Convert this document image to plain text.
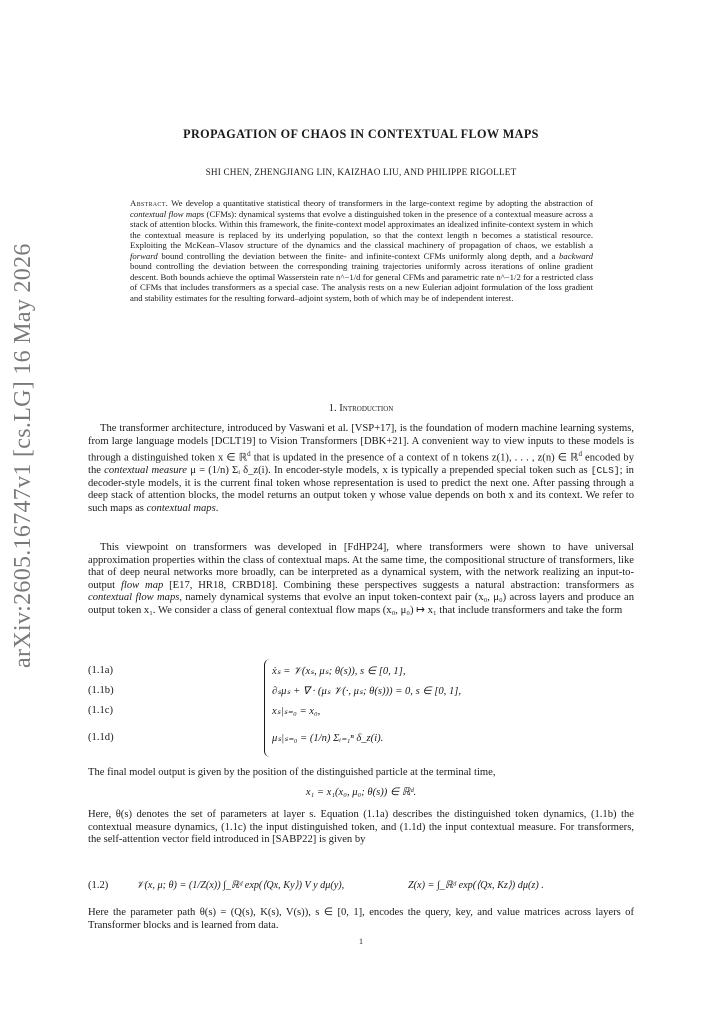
arXiv:2605.16747v1 [cs.LG] 16 May 2026
PROPAGATION OF CHAOS IN CONTEXTUAL FLOW MAPS
SHI CHEN, ZHENGJIANG LIN, KAIZHAO LIU, AND PHILIPPE RIGOLLET
Abstract. We develop a quantitative statistical theory of transformers in the large-context regime by adopting the abstraction of contextual flow maps (CFMs): dynamical systems that evolve a distinguished token in the presence of a contextual measure across a stack of attention blocks. Within this framework, the finite-context model approximates an idealized infinite-context system in which the contextual measure is replaced by its underlying population, so that the context length n becomes a statistical resource. Exploiting the McKean–Vlasov structure of the dynamics and the classical machinery of propagation of chaos, we establish a forward bound controlling the deviation between the finite- and infinite-context CFMs uniformly along depth, and a backward bound controlling the deviation between the corresponding training trajectories uniformly across iterations of online gradient descent. Both bounds achieve the optimal Wasserstein rate n^−1/d for general CFMs and parametric rate n^−1/2 for a restricted class of CFMs that includes transformers as a special case. The analysis rests on a new Eulerian adjoint formulation of the loss gradient and stability estimates for the resulting forward–adjoint system, both of which may be of independent interest.
1. Introduction
The transformer architecture, introduced by Vaswani et al. [VSP+17], is the foundation of modern machine learning systems, from large language models [DCLT19] to Vision Transformers [DBK+21]. A convenient way to view inputs to these models is through a distinguished token x ∈ ℝ$^d$ that is updated in the presence of a context of n tokens z(1), . . . , z(n) ∈ ℝ$^d$ encoded by the contextual measure μ = (1/n) Σᵢ δ_z(i). In encoder-style models, x is typically a prepended special token such as [CLS]; in decoder-style models, it is the current final token whose representation is used to predict the next one. After passing through a deep stack of attention blocks, the model returns an output token y whose value depends on both x and its context. We refer to such maps as contextual maps.
This viewpoint on transformers was developed in [FdHP24], where transformers were shown to have universal approximation properties within the class of contextual maps. At the same time, the compositional structure of transformers, like that of deep neural networks more broadly, can be interpreted as a dynamical system, with the network realizing an input-to-output flow map [E17, HR18, CRBD18]. Combining these perspectives suggests a natural abstraction: transformers as contextual flow maps, namely dynamical systems that evolve an input token-context pair (x₀, μ₀) across layers and produce an output token x₁. We consider a class of general contextual flow maps (x₀, μ₀) ↦ x₁ that include transformers and take the form
(1.1a)
(1.1b)
(1.1c)
(1.1d)
ẋₛ = 𝒱(xₛ, μₛ; θ(s)), s ∈ [0, 1],
∂ₛμₛ + ∇ · (μₛ 𝒱(·, μₛ; θ(s))) = 0, s ∈ [0, 1],
xₛ|ₛ₌₀ = x₀,
μₛ|ₛ₌₀ = (1/n) Σᵢ₌₁ⁿ δ_z(i).
The final model output is given by the position of the distinguished particle at the terminal time,
x₁ = x₁(x₀, μ₀; θ(s)) ∈ ℝᵈ.
Here, θ(s) denotes the set of parameters at layer s. Equation (1.1a) describes the distinguished token dynamics, (1.1b) the contextual measure dynamics, (1.1c) the input distinguished token, and (1.1d) the input contextual measure. For transformers, the self-attention vector field introduced in [SABP22] is given by
(1.2)	𝒱(x, μ; θ) = (1/Z(x)) ∫_ℝᵈ exp(⟨Qx, Ky⟩) V y dμ(y),	Z(x) = ∫_ℝᵈ exp(⟨Qx, Kz⟩) dμ(z) .
Here the parameter path θ(s) = (Q(s), K(s), V(s)), s ∈ [0, 1], encodes the query, key, and value matrices across layers of Transformer blocks and is learned from data.
1
